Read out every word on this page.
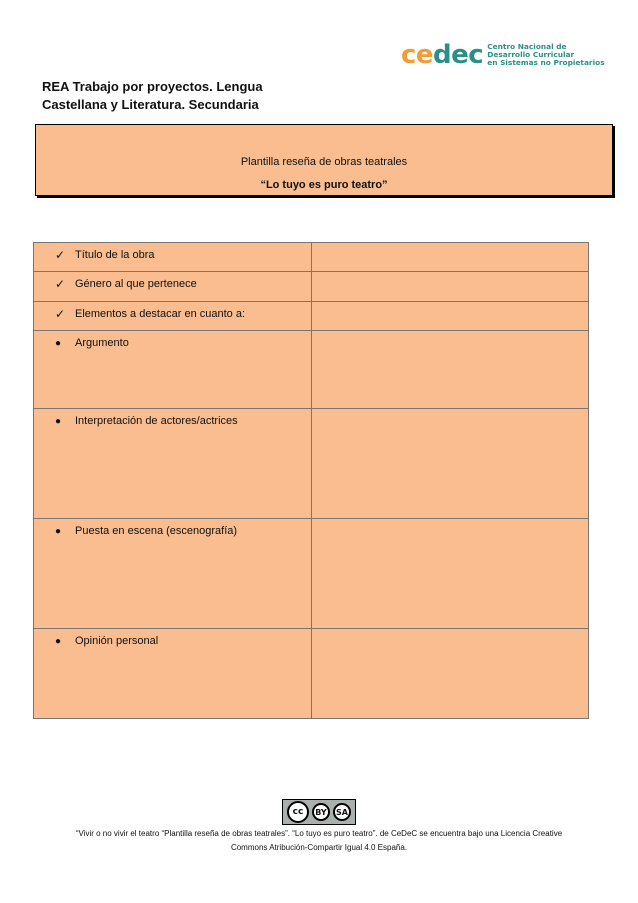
cedec Centro Nacional de
Desarrollo Curricular
en Sistemas no Propietarios
REA Trabajo por proyectos. Lengua
Castellana y Literatura. Secundaria
Plantilla reseña de obras teatrales
“Lo tuyo es puro teatro”
✓ Título de la obra	

✓ Género al que pertenece	

✓ Elementos a destacar en cuanto a:	

● Argumento	

● Interpretación de actores/actrices	

● Puesta en escena (escenografía)	

● Opinión personal	

cc	BY	SA
“Vivir o no vivir el teatro “Plantilla reseña de obras teatrales”. “Lo tuyo es puro teatro”. de CeDeC se encuentra bajo una Licencia Creative
Commons Atribución-Compartir Igual 4.0 España.
